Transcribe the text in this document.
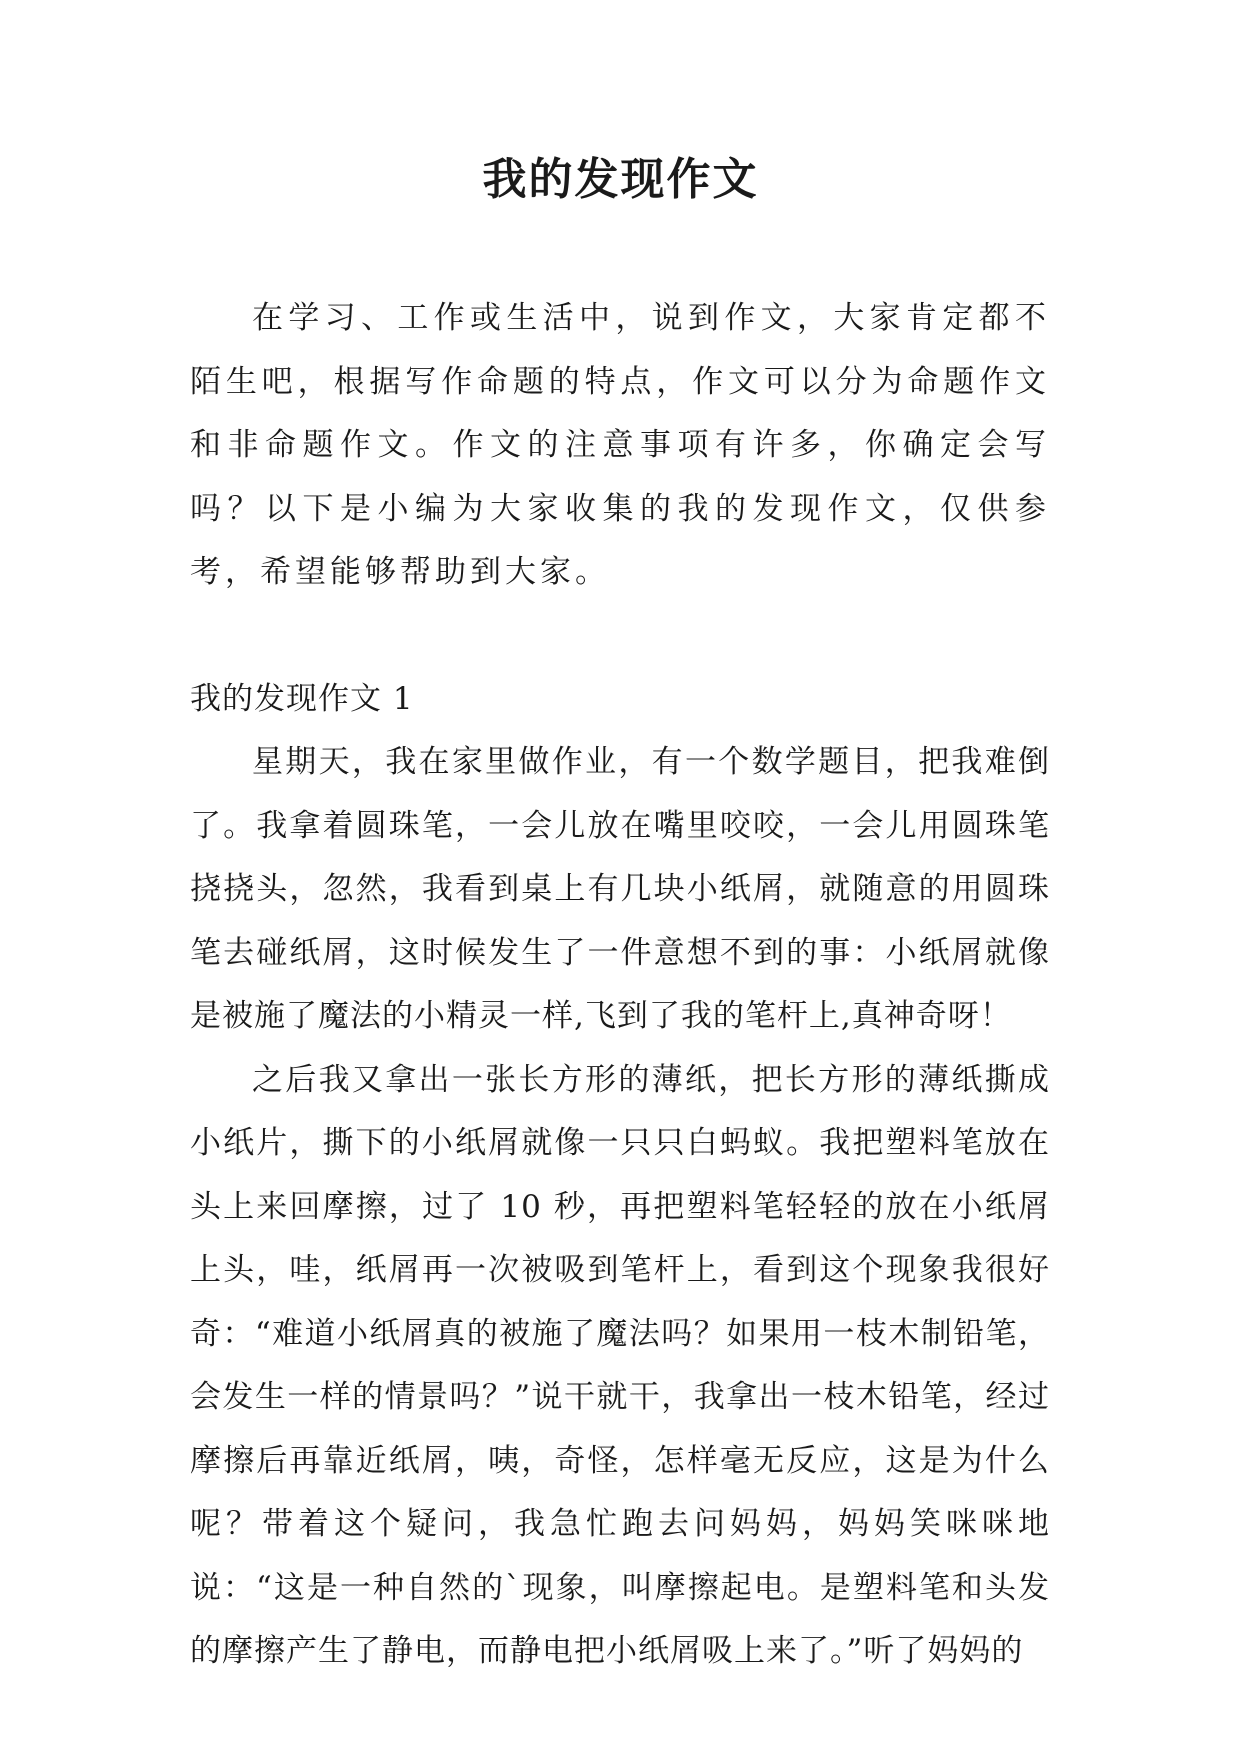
我的发现作文

在学习、工作或生活中，说到作文，大家肯定都不陌生吧，根据写作命题的特点，作文可以分为命题作文和非命题作文。作文的注意事项有许多，你确定会写吗？以下是小编为大家收集的我的发现作文，仅供参考，希望能够帮助到大家。

我的发现作文 1

星期天，我在家里做作业，有一个数学题目，把我难倒了。我拿着圆珠笔，一会儿放在嘴里咬咬，一会儿用圆珠笔挠挠头，忽然，我看到桌上有几块小纸屑，就随意的用圆珠笔去碰纸屑，这时候发生了一件意想不到的事：小纸屑就像是被施了魔法的小精灵一样,飞到了我的笔杆上,真神奇呀！

之后我又拿出一张长方形的薄纸，把长方形的薄纸撕成小纸片，撕下的小纸屑就像一只只白蚂蚁。我把塑料笔放在头上来回摩擦，过了 10 秒，再把塑料笔轻轻的放在小纸屑上头，哇，纸屑再一次被吸到笔杆上，看到这个现象我很好奇：“难道小纸屑真的被施了魔法吗？如果用一枝木制铅笔，会发生一样的情景吗？”说干就干，我拿出一枝木铅笔，经过摩擦后再靠近纸屑，咦，奇怪，怎样毫无反应，这是为什么呢？带着这个疑问，我急忙跑去问妈妈，妈妈笑咪咪地说：“这是一种自然的`现象，叫摩擦起电。是塑料笔和头发的摩擦产生了静电，而静电把小纸屑吸上来了。”听了妈妈的
